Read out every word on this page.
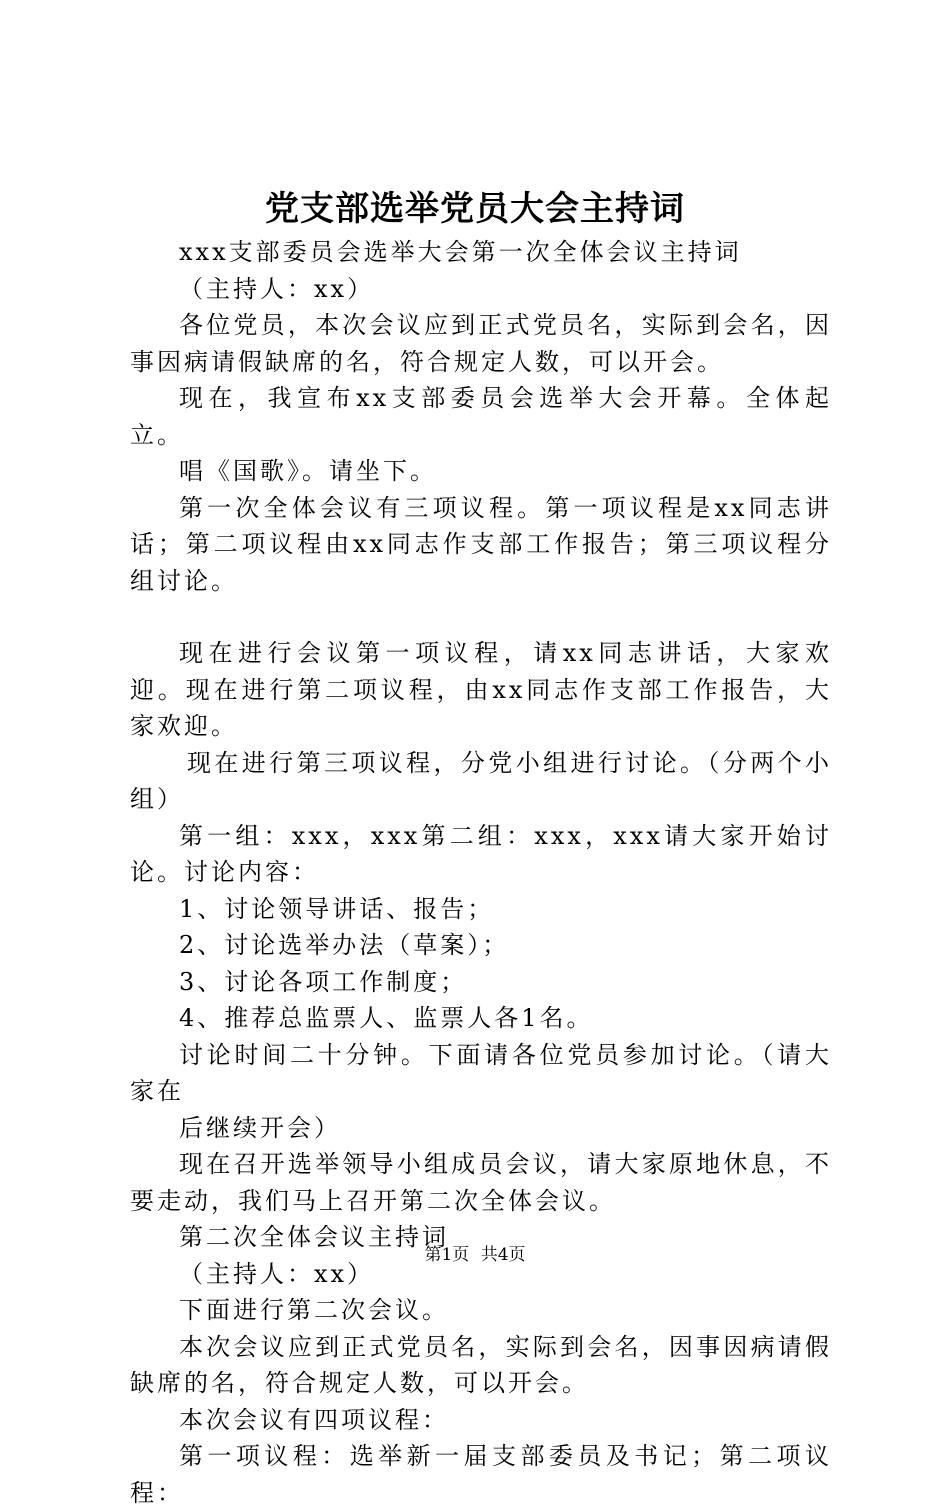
党支部选举党员大会主持词

xxx支部委员会选举大会第一次全体会议主持词

（主持人：xx）

各位党员，本次会议应到正式党员名，实际到会名，因事因病请假缺席的名，符合规定人数，可以开会。

现在，我宣布xx支部委员会选举大会开幕。全体起立。

唱《国歌》。请坐下。

第一次全体会议有三项议程。第一项议程是xx同志讲话；第二项议程由xx同志作支部工作报告；第三项议程分组讨论。

现在进行会议第一项议程，请xx同志讲话，大家欢迎。现在进行第二项议程，由xx同志作支部工作报告，大家欢迎。

现在进行第三项议程，分党小组进行讨论。（分两个小组）

第一组：xxx，xxx第二组：xxx，xxx请大家开始讨论。讨论内容：

1、讨论领导讲话、报告；

2、讨论选举办法（草案）；

3、讨论各项工作制度；

4、推荐总监票人、监票人各1名。

讨论时间二十分钟。下面请各位党员参加讨论。（请大家在

后继续开会）

现在召开选举领导小组成员会议，请大家原地休息，不要走动，我们马上召开第二次全体会议。

第二次全体会议主持词

（主持人：xx）

下面进行第二次会议。

本次会议应到正式党员名，实际到会名，因事因病请假缺席的名，符合规定人数，可以开会。

本次会议有四项议程：

第一项议程：选举新一届支部委员及书记；第二项议程：

第1页 共4页
